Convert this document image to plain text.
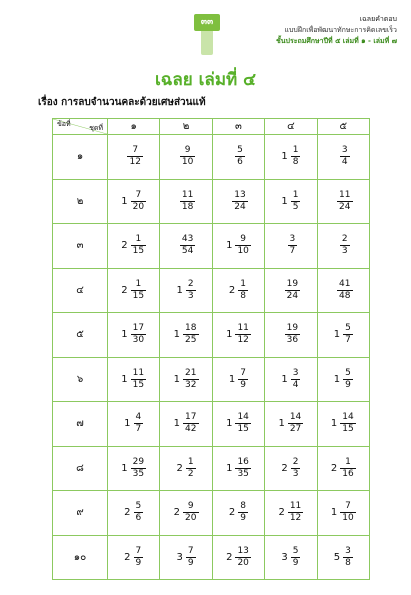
๓๓	เฉลยคำตอบ
แบบฝึกเพื่อพัฒนาทักษะการคิดเลขเร็ว
ชั้นประถมศึกษาปีที่ ๕ เล่มที่ ๑ - เล่มที่ ๗
เฉลย เล่มที่ ๔
เรื่อง การลบจำนวนคละด้วยเศษส่วนแท้
ชุดที่
ข้อที่	๑	๒	๓	๔	๕
๑	$\frac{7}{12}$	$\frac{9}{10}$	$\frac{5}{6}$	$1 \frac{1}{8}$	$\frac{3}{4}$

๒	$1 \frac{7}{20}$	$\frac{11}{18}$	$\frac{13}{24}$	$1 \frac{1}{5}$	$\frac{11}{24}$

๓	$2 \frac{1}{15}$	$\frac{43}{54}$	$1 \frac{9}{10}$	$\frac{3}{7}$	$\frac{2}{3}$

๔	$2 \frac{1}{15}$	$1 \frac{2}{3}$	$2 \frac{1}{8}$	$\frac{19}{24}$	$\frac{41}{48}$

๕	$1 \frac{17}{30}$	$1 \frac{18}{25}$	$1 \frac{11}{12}$	$\frac{19}{36}$	$1 \frac{5}{7}$

๖	$1 \frac{11}{15}$	$1 \frac{21}{32}$	$1 \frac{7}{9}$	$1 \frac{3}{4}$	$1 \frac{5}{9}$

๗	$1 \frac{4}{7}$	$1 \frac{17}{42}$	$1 \frac{14}{15}$	$1 \frac{14}{27}$	$1 \frac{14}{15}$

๘	$1 \frac{29}{35}$	$2 \frac{1}{2}$	$1 \frac{16}{35}$	$2 \frac{2}{3}$	$2 \frac{1}{16}$

๙	$2 \frac{5}{6}$	$2 \frac{9}{20}$	$2 \frac{8}{9}$	$2 \frac{11}{12}$	$1 \frac{7}{10}$

๑๐	$2 \frac{7}{9}$	$3 \frac{7}{9}$	$2 \frac{13}{20}$	$3 \frac{5}{9}$	$5 \frac{3}{8}$
